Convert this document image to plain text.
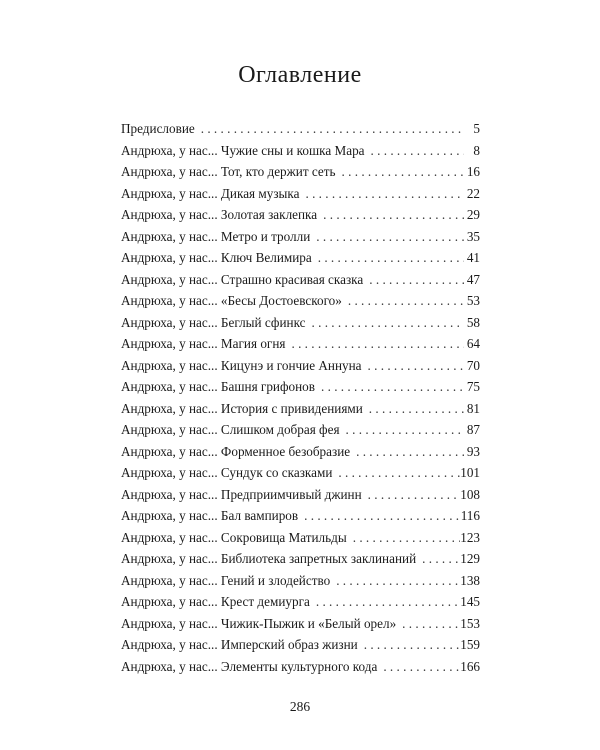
Оглавление
Предисловие . . .	5
Андрюха, у нас... Чужие сны и кошка Мара . . .	8
Андрюха, у нас... Тот, кто держит сеть . . .	16
Андрюха, у нас... Дикая музыка . . .	22
Андрюха, у нас... Золотая заклепка . . .	29
Андрюха, у нас... Метро и тролли . . .	35
Андрюха, у нас... Ключ Велимира . . .	41
Андрюха, у нас... Страшно красивая сказка . . .	47
Андрюха, у нас... «Бесы Достоевского» . . .	53
Андрюха, у нас... Беглый сфинкс . . .	58
Андрюха, у нас... Магия огня . . .	64
Андрюха, у нас... Кицунэ и гончие Аннуна . . .	70
Андрюха, у нас... Башня грифонов . . .	75
Андрюха, у нас... История с привидениями . . .	81
Андрюха, у нас... Слишком добрая фея . . .	87
Андрюха, у нас... Форменное безобразие . . .	93
Андрюха, у нас... Сундук со сказками . . .	101
Андрюха, у нас... Предприимчивый джинн . . .	108
Андрюха, у нас... Бал вампиров . . .	116
Андрюха, у нас... Сокровища Матильды . . .	123
Андрюха, у нас... Библиотека запретных заклинаний . . .	129
Андрюха, у нас... Гений и злодейство . . .	138
Андрюха, у нас... Крест демиурга . . .	145
Андрюха, у нас... Чижик-Пыжик и «Белый орел» . . .	153
Андрюха, у нас... Имперский образ жизни . . .	159
Андрюха, у нас... Элементы культурного кода . . .	166
286
